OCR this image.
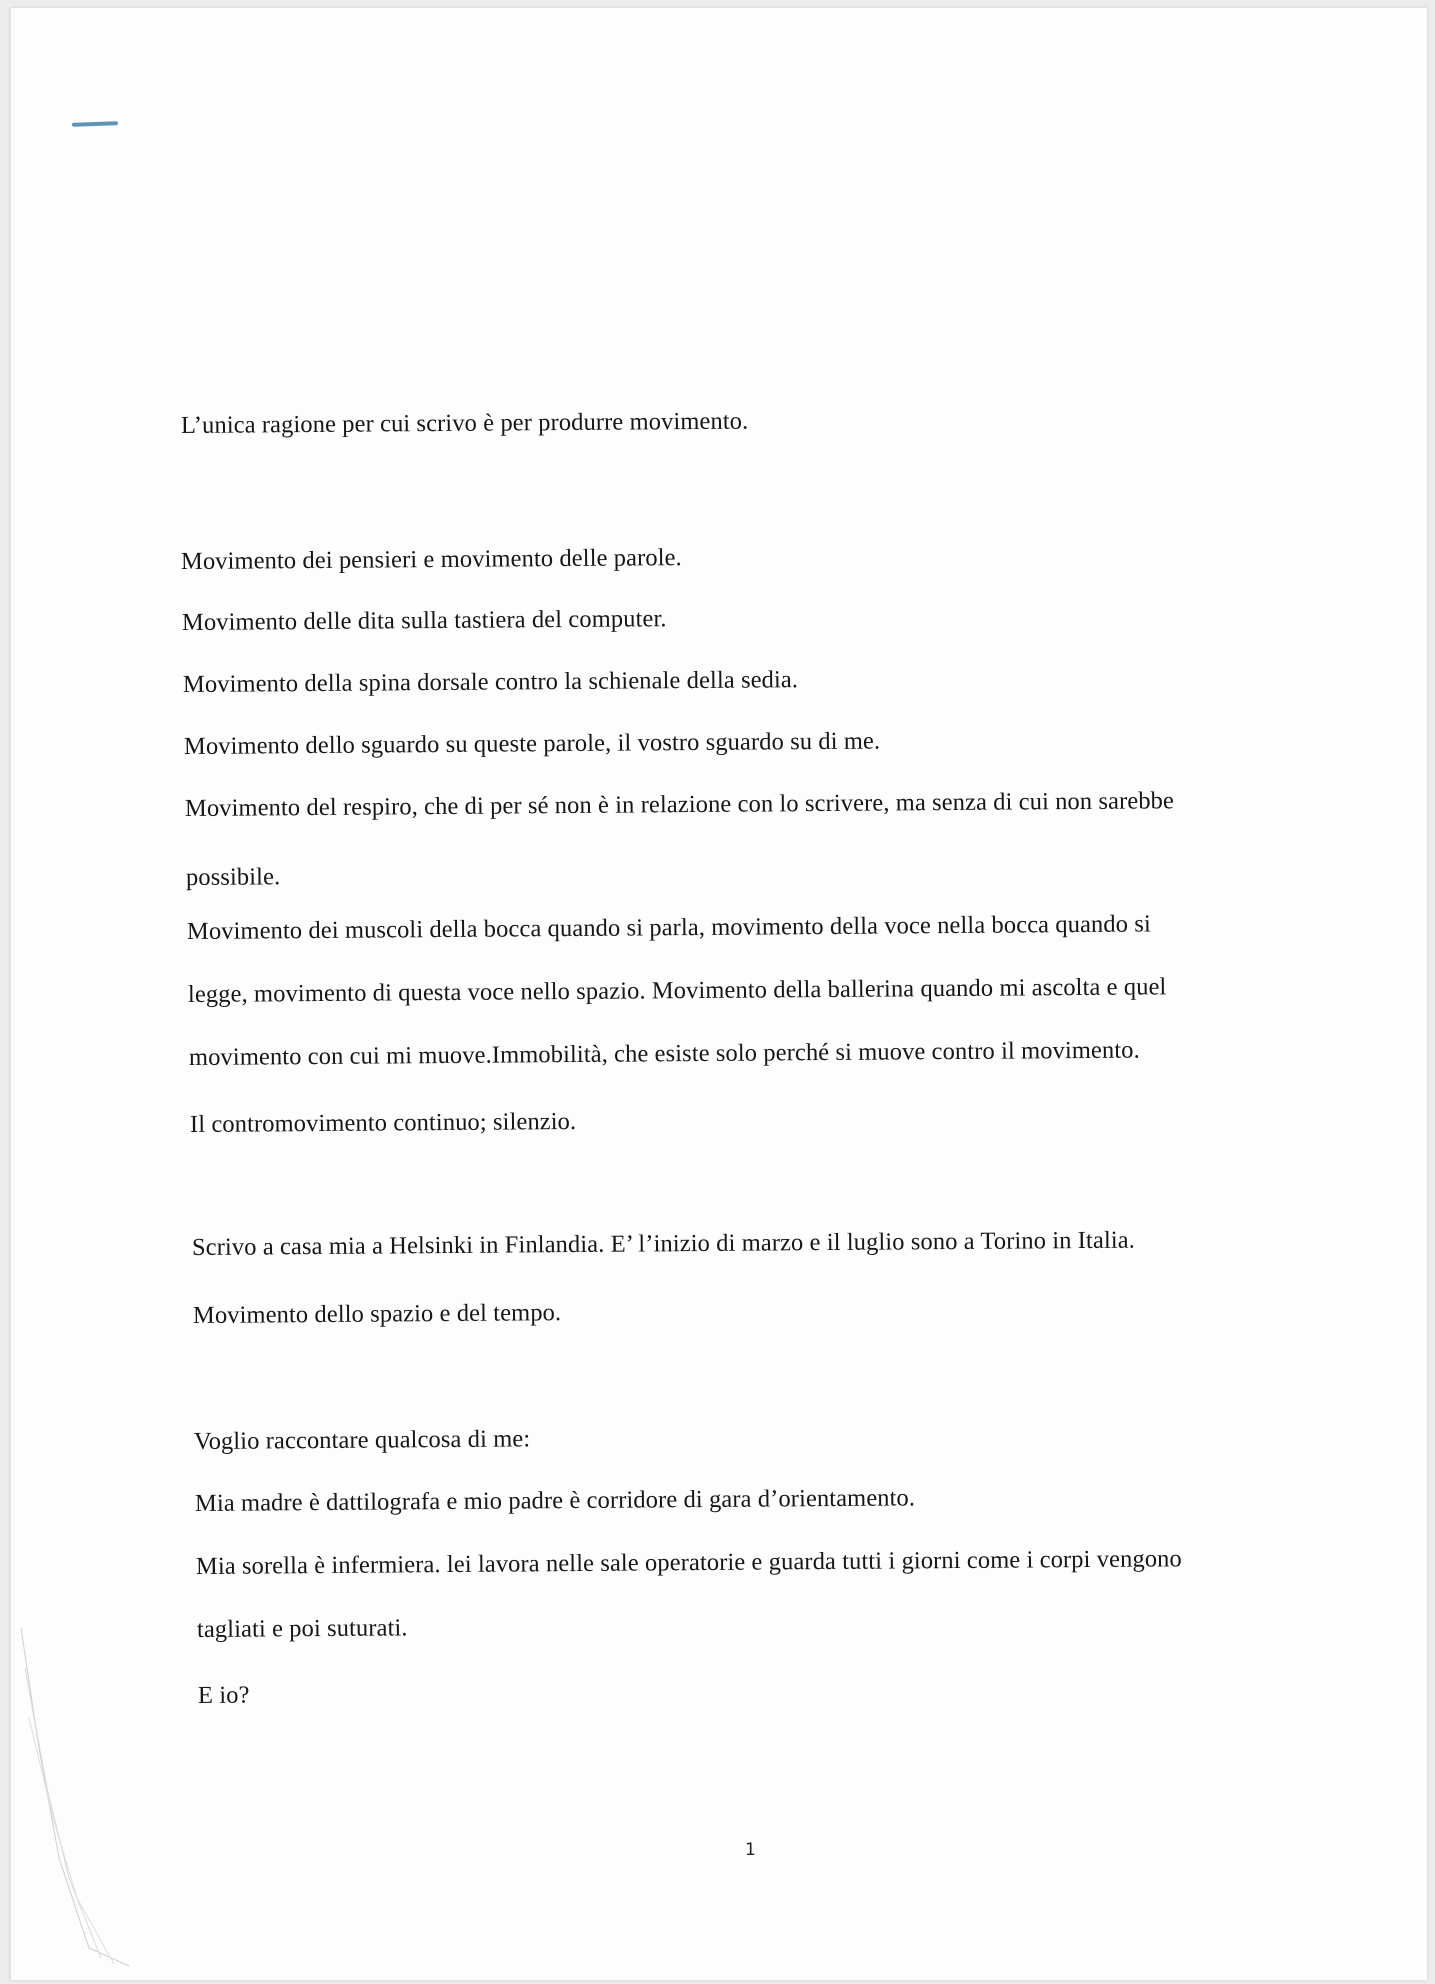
L’unica ragione per cui scrivo è per produrre movimento.
Movimento dei pensieri e movimento delle parole.
Movimento delle dita sulla tastiera del computer.
Movimento della spina dorsale contro la schienale della sedia.
Movimento dello sguardo su queste parole, il vostro sguardo su di me.
Movimento del respiro, che di per sé non è in relazione con lo scrivere, ma senza di cui non sarebbe
possibile.
Movimento dei muscoli della bocca quando si parla, movimento della voce nella bocca quando si
legge, movimento di questa voce nello spazio. Movimento della ballerina quando mi ascolta e quel
movimento con cui mi muove.Immobilità, che esiste solo perché si muove contro il movimento.
Il contromovimento continuo; silenzio.
Scrivo a casa mia a Helsinki in Finlandia. E’ l’inizio di marzo e il luglio sono a Torino in Italia.
Movimento dello spazio e del tempo.
Voglio raccontare qualcosa di me:
Mia madre è dattilografa e mio padre è corridore di gara d’orientamento.
Mia sorella è infermiera. lei lavora nelle sale operatorie e guarda tutti i giorni come i corpi vengono
tagliati e poi suturati.
E io?
1
